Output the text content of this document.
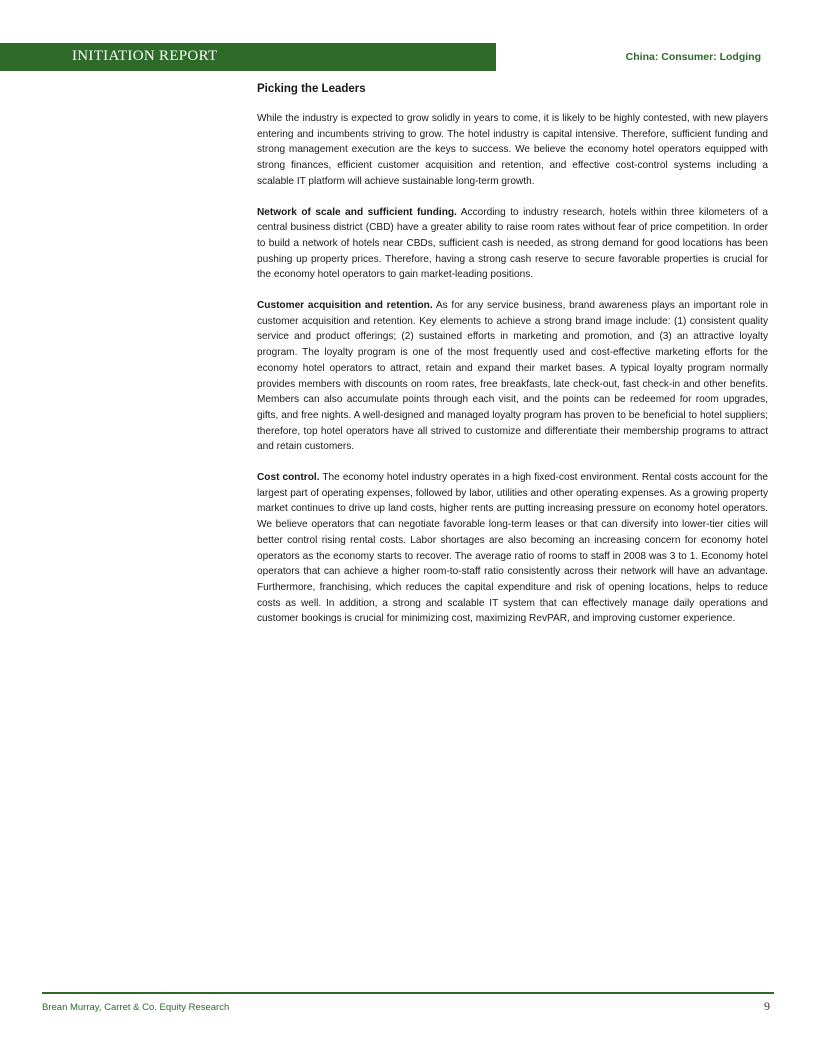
INITIATION REPORT	China: Consumer: Lodging
Picking the Leaders

While the industry is expected to grow solidly in years to come, it is likely to be highly contested, with new players entering and incumbents striving to grow. The hotel industry is capital intensive. Therefore, sufficient funding and strong management execution are the keys to success. We believe the economy hotel operators equipped with strong finances, efficient customer acquisition and retention, and effective cost-control systems including a scalable IT platform will achieve sustainable long-term growth.

Network of scale and sufficient funding. According to industry research, hotels within three kilometers of a central business district (CBD) have a greater ability to raise room rates without fear of price competition. In order to build a network of hotels near CBDs, sufficient cash is needed, as strong demand for good locations has been pushing up property prices. Therefore, having a strong cash reserve to secure favorable properties is crucial for the economy hotel operators to gain market-leading positions.

Customer acquisition and retention. As for any service business, brand awareness plays an important role in customer acquisition and retention. Key elements to achieve a strong brand image include: (1) consistent quality service and product offerings; (2) sustained efforts in marketing and promotion, and (3) an attractive loyalty program. The loyalty program is one of the most frequently used and cost-effective marketing efforts for the economy hotel operators to attract, retain and expand their market bases. A typical loyalty program normally provides members with discounts on room rates, free breakfasts, late check-out, fast check-in and other benefits. Members can also accumulate points through each visit, and the points can be redeemed for room upgrades, gifts, and free nights. A well-designed and managed loyalty program has proven to be beneficial to hotel suppliers; therefore, top hotel operators have all strived to customize and differentiate their membership programs to attract and retain customers.

Cost control. The economy hotel industry operates in a high fixed-cost environment. Rental costs account for the largest part of operating expenses, followed by labor, utilities and other operating expenses. As a growing property market continues to drive up land costs, higher rents are putting increasing pressure on economy hotel operators. We believe operators that can negotiate favorable long-term leases or that can diversify into lower-tier cities will better control rising rental costs. Labor shortages are also becoming an increasing concern for economy hotel operators as the economy starts to recover. The average ratio of rooms to staff in 2008 was 3 to 1. Economy hotel operators that can achieve a higher room-to-staff ratio consistently across their network will have an advantage. Furthermore, franchising, which reduces the capital expenditure and risk of opening locations, helps to reduce costs as well. In addition, a strong and scalable IT system that can effectively manage daily operations and customer bookings is crucial for minimizing cost, maximizing RevPAR, and improving customer experience.

Brean Murray, Carret & Co. Equity Research	9
